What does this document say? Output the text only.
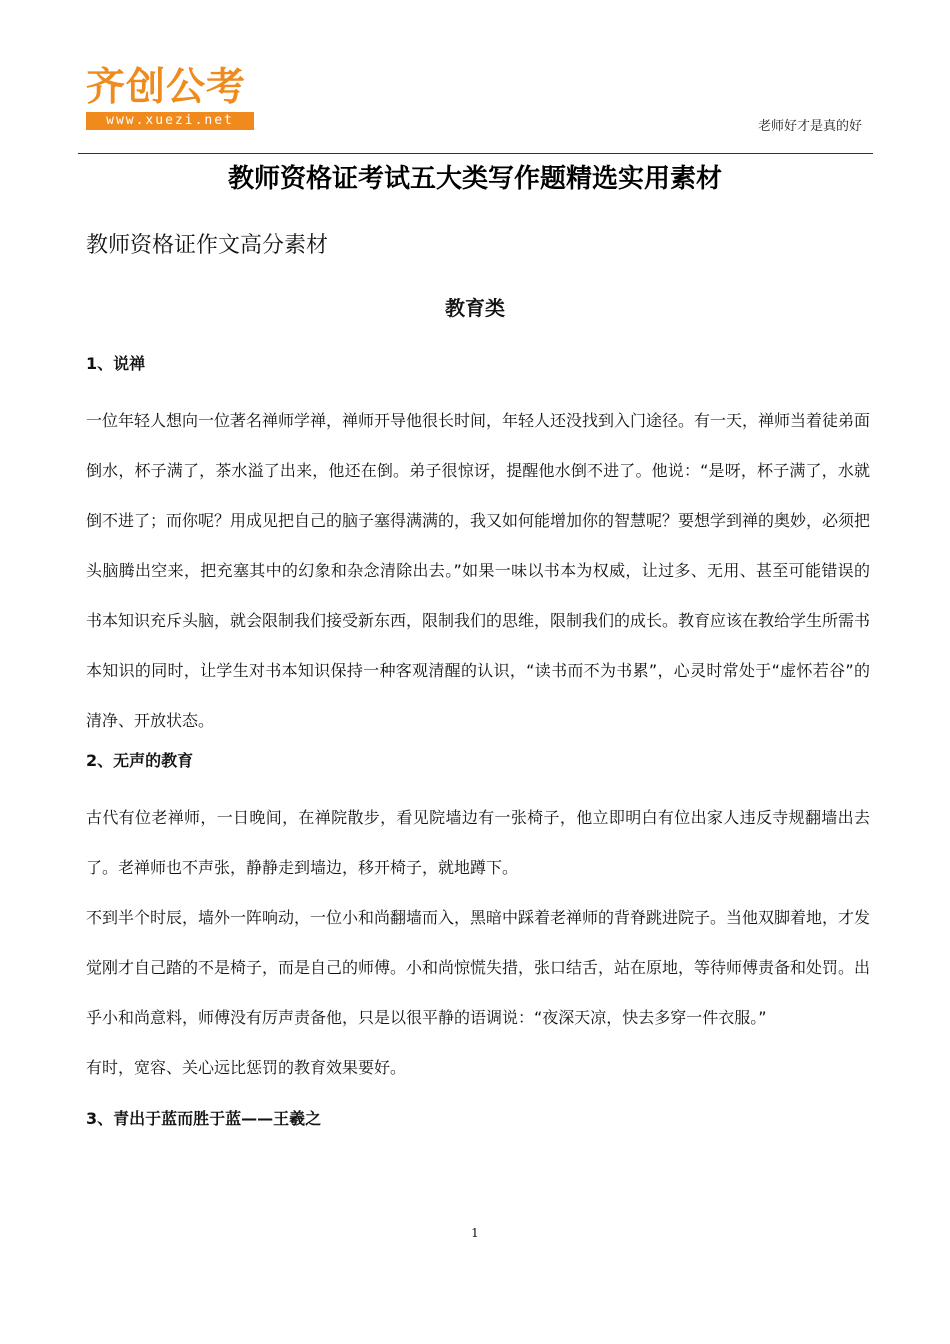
齐创公考
www.xuezi.net	老师好才是真的好
教师资格证考试五大类写作题精选实用素材
教师资格证作文高分素材
教育类

1、说禅

一位年轻人想向一位著名禅师学禅，禅师开导他很长时间，年轻人还没找到入门途径。有一天，禅师当着徒弟面倒水，杯子满了，茶水溢了出来，他还在倒。弟子很惊讶，提醒他水倒不进了。他说：“是呀，杯子满了，水就倒不进了；而你呢？用成见把自己的脑子塞得满满的，我又如何能增加你的智慧呢？要想学到禅的奥妙，必须把头脑腾出空来，把充塞其中的幻象和杂念清除出去。”如果一味以书本为权威，让过多、无用、甚至可能错误的书本知识充斥头脑，就会限制我们接受新东西，限制我们的思维，限制我们的成长。教育应该在教给学生所需书本知识的同时，让学生对书本知识保持一种客观清醒的认识，“读书而不为书累”，心灵时常处于“虚怀若谷”的清净、开放状态。

2、无声的教育

古代有位老禅师，一日晚间，在禅院散步，看见院墙边有一张椅子，他立即明白有位出家人违反寺规翻墙出去了。老禅师也不声张，静静走到墙边，移开椅子，就地蹲下。

不到半个时辰，墙外一阵响动，一位小和尚翻墙而入，黑暗中踩着老禅师的背脊跳进院子。当他双脚着地，才发觉刚才自己踏的不是椅子，而是自己的师傅。小和尚惊慌失措，张口结舌，站在原地，等待师傅责备和处罚。出乎小和尚意料，师傅没有厉声责备他，只是以很平静的语调说：“夜深天凉，快去多穿一件衣服。”

有时，宽容、关心远比惩罚的教育效果要好。

3、青出于蓝而胜于蓝——王羲之

1
